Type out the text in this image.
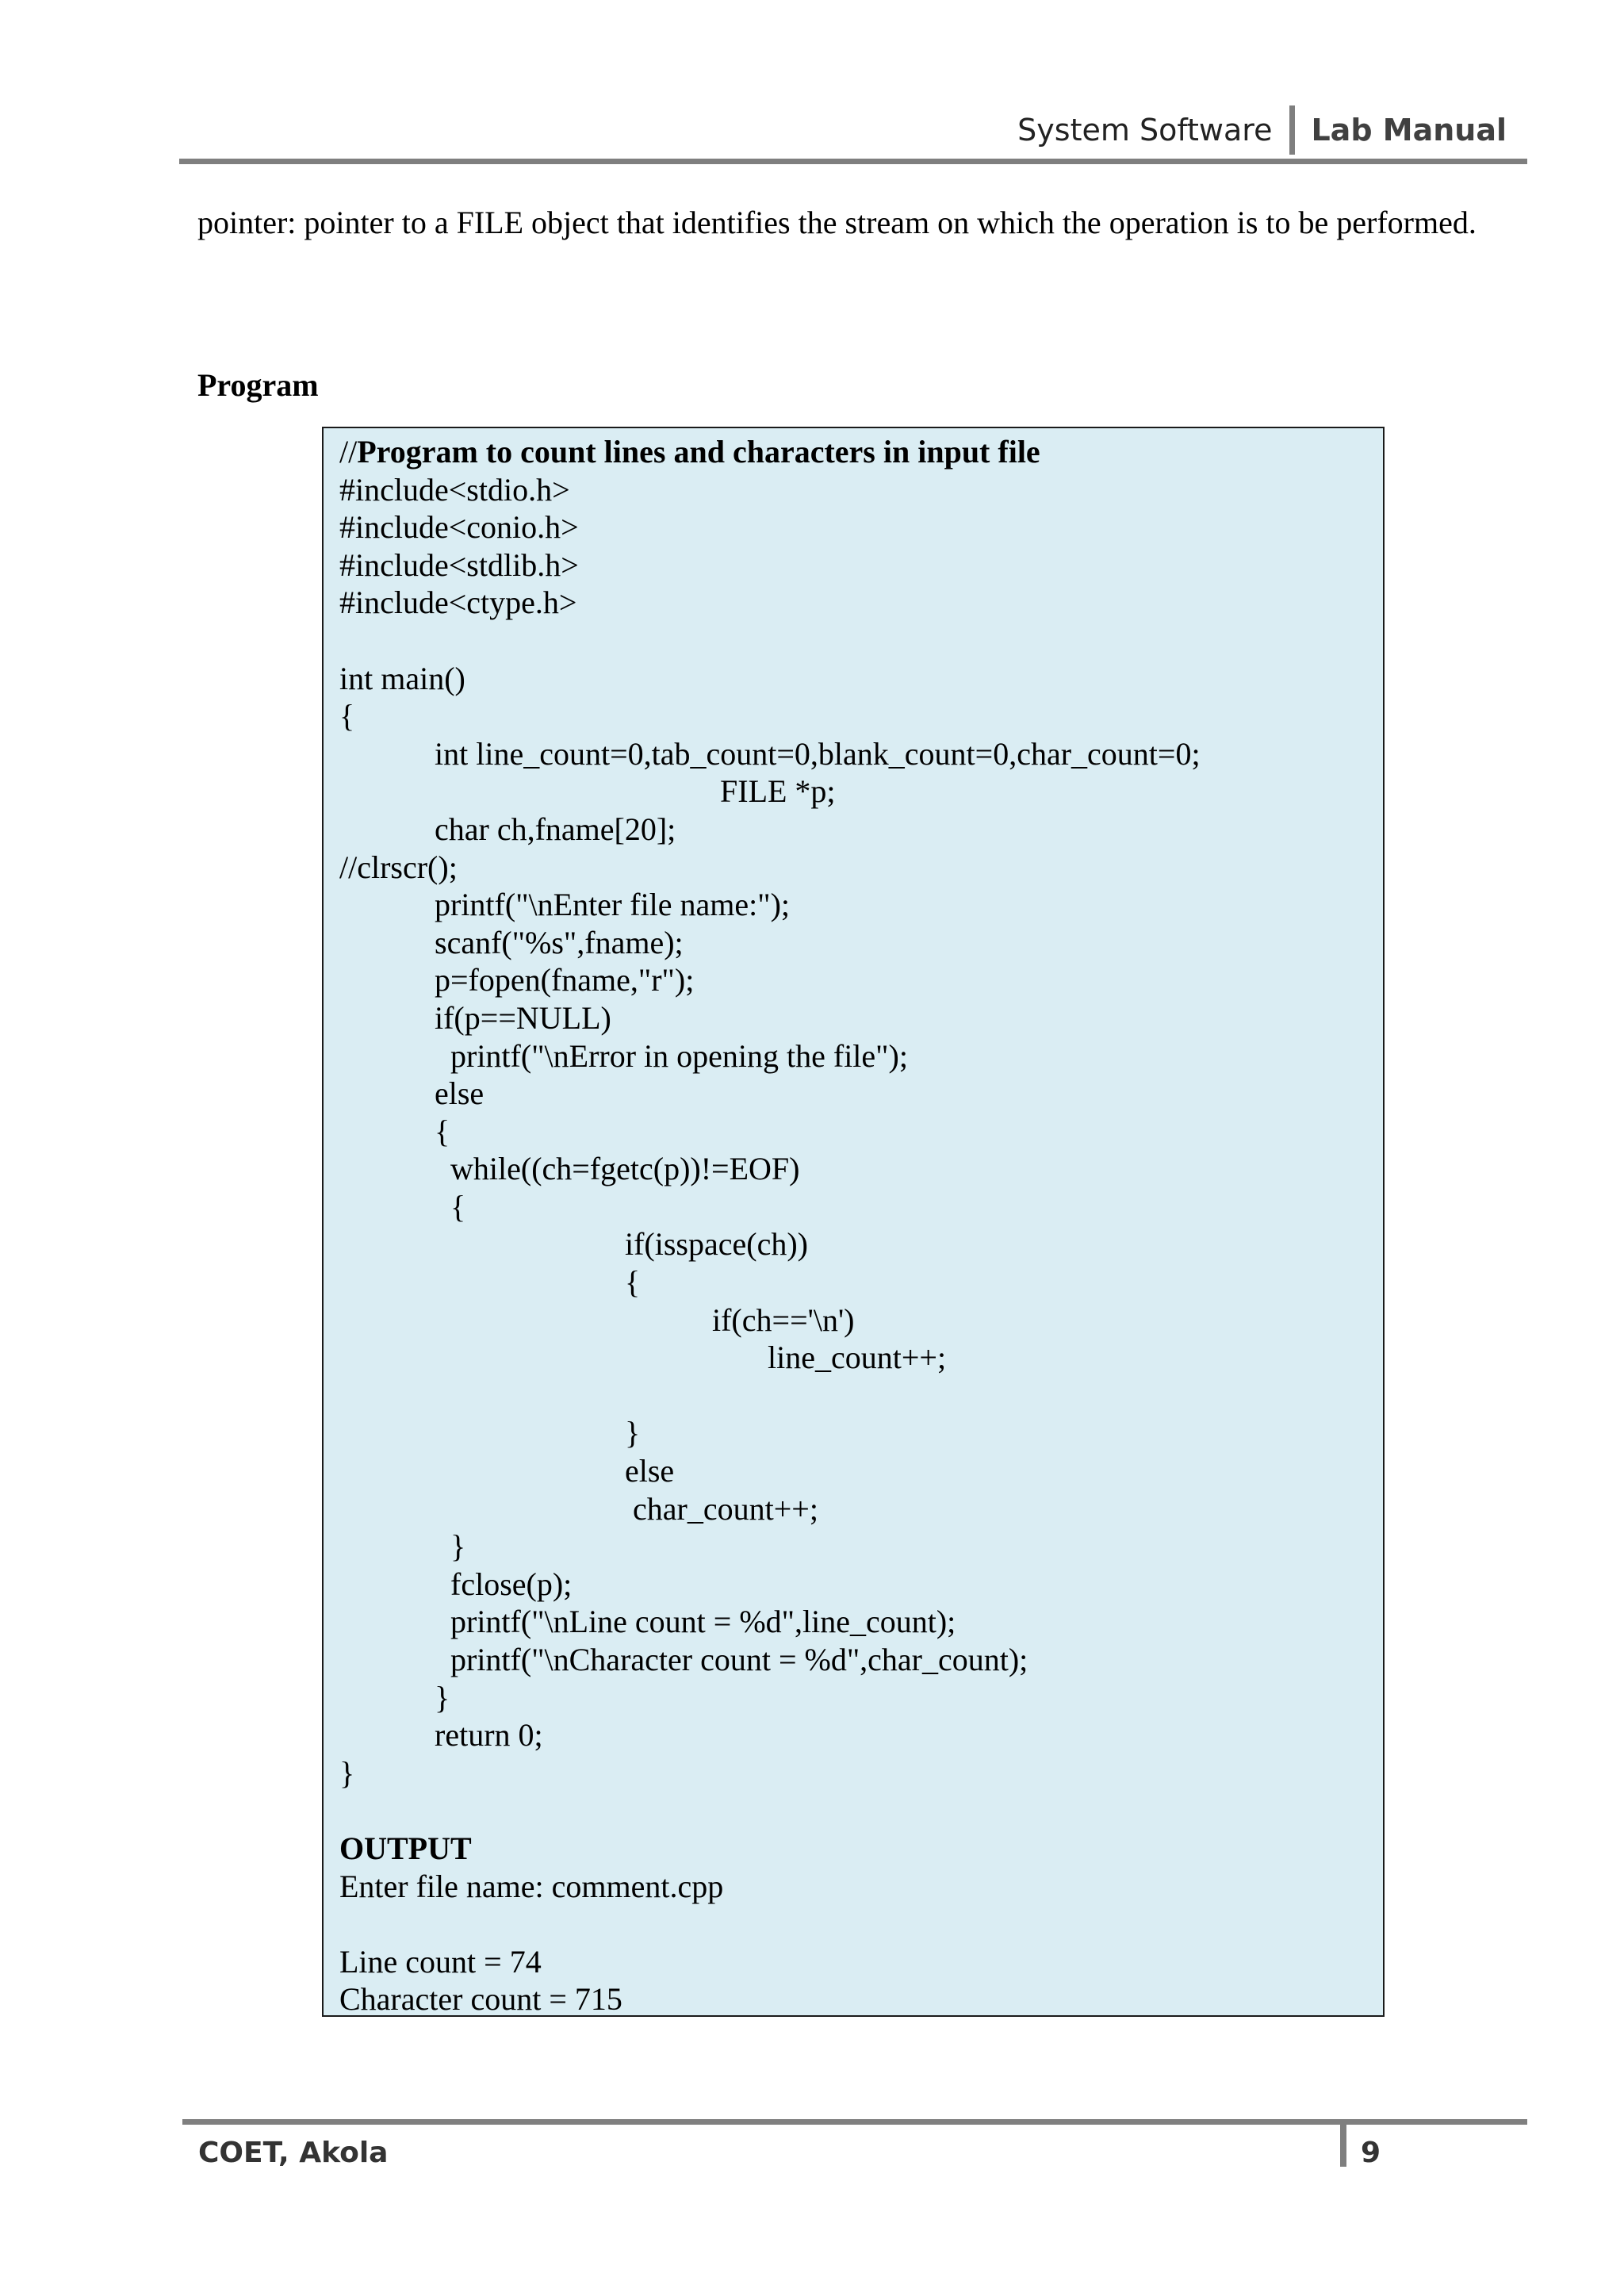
System Software	Lab Manual
pointer: pointer to a FILE object that identifies the stream on which the operation is to be performed.
Program
//Program to count lines and characters in input file
#include<stdio.h>
#include<conio.h>
#include<stdlib.h>
#include<ctype.h>
int main()
{
int line_count=0,tab_count=0,blank_count=0,char_count=0;
FILE *p;
char ch,fname[20];
//clrscr();
printf("\nEnter file name:");
scanf("%s",fname);
p=fopen(fname,"r");
if(p==NULL)
printf("\nError in opening the file");
else
{
while((ch=fgetc(p))!=EOF)
{
if(isspace(ch))
{
if(ch=='\n')
line_count++;
}
else
char_count++;
}
fclose(p);
printf("\nLine count = %d",line_count);
printf("\nCharacter count = %d",char_count);
}
return 0;
}
OUTPUT
Enter file name: comment.cpp
Line count = 74
Character count = 715
COET, Akola	9
